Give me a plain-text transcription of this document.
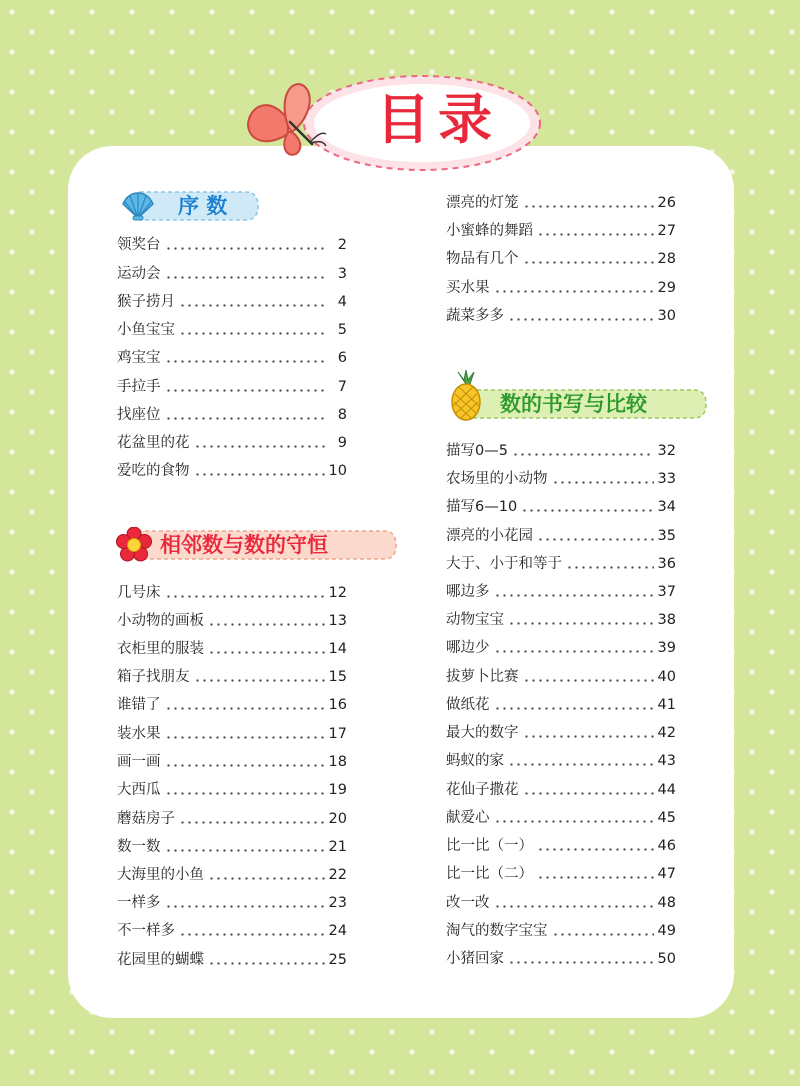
目录
序 数
相邻数与数的守恒
数的书写与比较
领奖台	2
运动会	3
猴子捞月	4
小鱼宝宝	5
鸡宝宝	6
手拉手	7
找座位	8
花盆里的花	9
爱吃的食物	10
几号床	12
小动物的画板	13
衣柜里的服装	14
箱子找朋友	15
谁错了	16
装水果	17
画一画	18
大西瓜	19
蘑菇房子	20
数一数	21
大海里的小鱼	22
一样多	23
不一样多	24
花园里的蝴蝶	25
漂亮的灯笼	26
小蜜蜂的舞蹈	27
物品有几个	28
买水果	29
蔬菜多多	30
描写0—5	32
农场里的小动物	33
描写6—10	34
漂亮的小花园	35
大于、小于和等于	36
哪边多	37
动物宝宝	38
哪边少	39
拔萝卜比赛	40
做纸花	41
最大的数字	42
蚂蚁的家	43
花仙子撒花	44
献爱心	45
比一比（一）	46
比一比（二）	47
改一改	48
淘气的数字宝宝	49
小猪回家	50
